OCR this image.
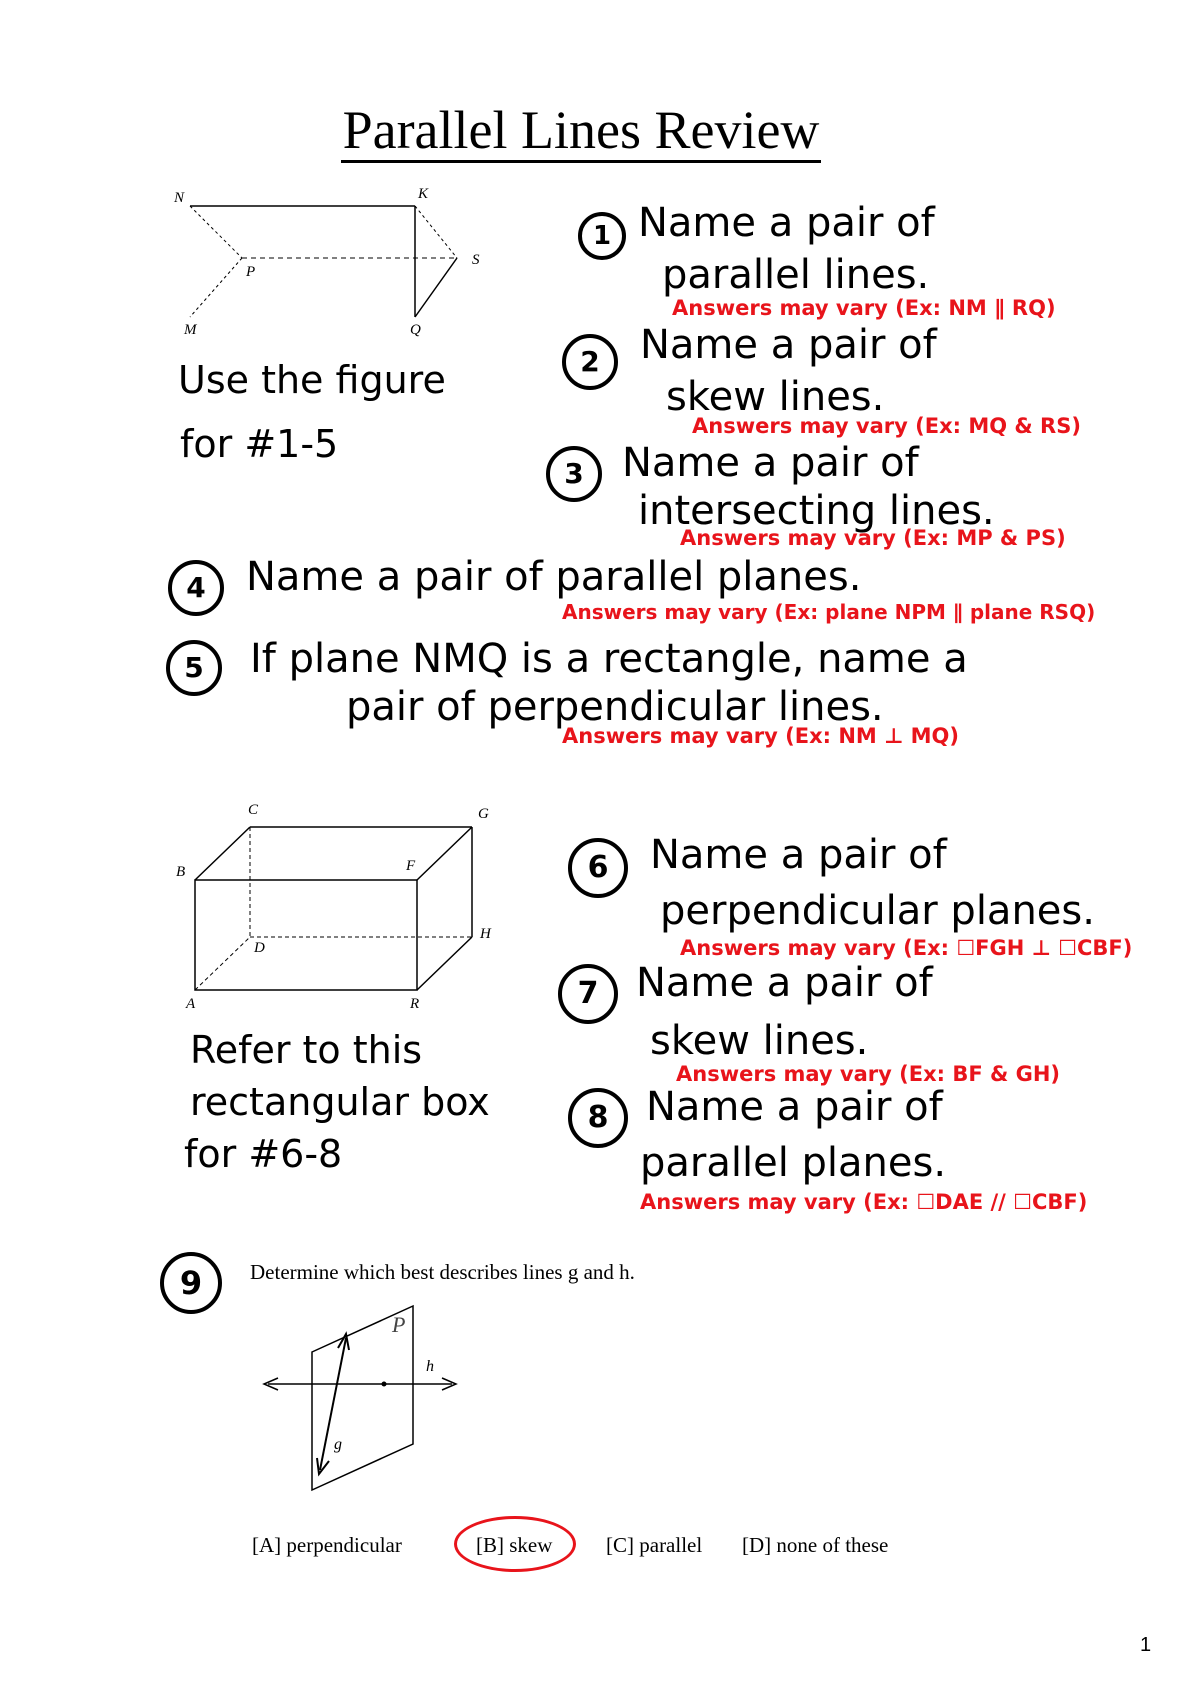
Parallel Lines Review
N	K
P
S
M	Q
Use the figure
for #1-5
1 Name a pair of
parallel lines.
Answers may vary (Ex: NM ∥ RQ)
2	Name a pair of
skew lines.
Answers may vary (Ex: MQ & RS)
3 Name a pair of
intersecting lines.
Answers may vary (Ex: MP & PS)
4	Name a pair of parallel planes.
Answers may vary (Ex: plane NPM ∥ plane RSQ)
5	If plane NMQ is a rectangle, name a
pair of perpendicular lines.
Answers may vary (Ex: NM ⊥ MQ)
C	G
B	F
D
H
A	R
Refer to this
rectangular box
for #6-8
6	Name a pair of
perpendicular planes.
Answers may vary (Ex: ☐FGH ⊥ ☐CBF)
7 Name a pair of
skew lines.
Answers may vary (Ex: BF & GH)
8 Name a pair of
parallel planes.
Answers may vary (Ex: ☐DAE // ☐CBF)
9	Determine which best describes lines g and h.
P
h
g
[A] perpendicular	[B] skew	[C] parallel [D] none of these
1
